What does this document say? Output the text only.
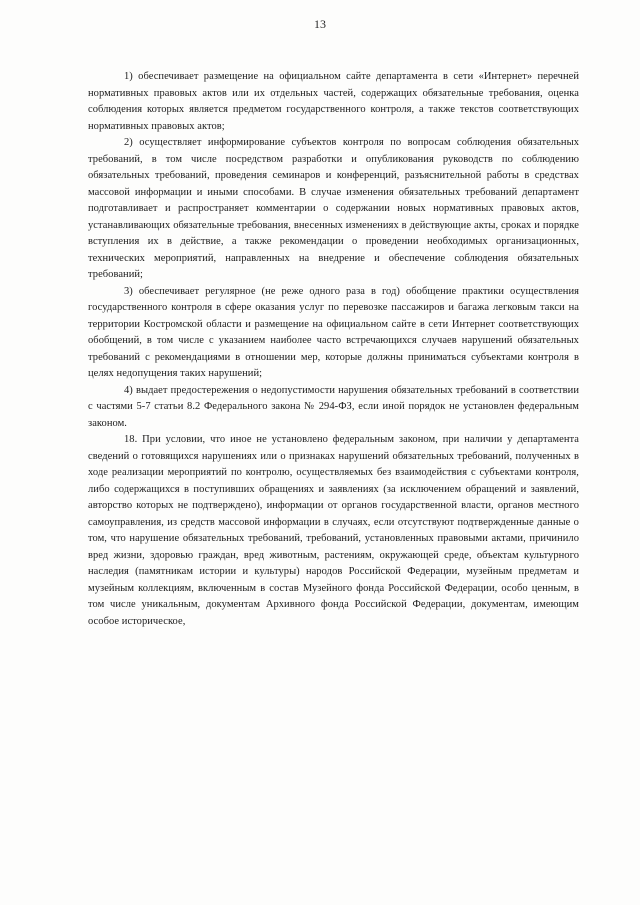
13

1) обеспечивает размещение на официальном сайте департамента в сети «Интернет» перечней нормативных правовых актов или их отдельных частей, содержащих обязательные требования, оценка соблюдения которых является предметом государственного контроля, а также текстов соответствующих нормативных правовых актов;

2) осуществляет информирование субъектов контроля по вопросам соблюдения обязательных требований, в том числе посредством разработки и опубликования руководств по соблюдению обязательных требований, проведения семинаров и конференций, разъяснительной работы в средствах массовой информации и иными способами. В случае изменения обязательных требований департамент подготавливает и распространяет комментарии о содержании новых нормативных правовых актов, устанавливающих обязательные требования, внесенных изменениях в действующие акты, сроках и порядке вступления их в действие, а также рекомендации о проведении необходимых организационных, технических мероприятий, направленных на внедрение и обеспечение соблюдения обязательных требований;

3) обеспечивает регулярное (не реже одного раза в год) обобщение практики осуществления государственного контроля в сфере оказания услуг по перевозке пассажиров и багажа легковым такси на территории Костромской области и размещение на официальном сайте в сети Интернет соответствующих обобщений, в том числе с указанием наиболее часто встречающихся случаев нарушений обязательных требований с рекомендациями в отношении мер, которые должны приниматься субъектами контроля в целях недопущения таких нарушений;

4) выдает предостережения о недопустимости нарушения обязательных требований в соответствии с частями 5-7 статьи 8.2 Федерального закона № 294-ФЗ, если иной порядок не установлен федеральным законом.

18. При условии, что иное не установлено федеральным законом, при наличии у департамента сведений о готовящихся нарушениях или о признаках нарушений обязательных требований, полученных в ходе реализации мероприятий по контролю, осуществляемых без взаимодействия с субъектами контроля, либо содержащихся в поступивших обращениях и заявлениях (за исключением обращений и заявлений, авторство которых не подтверждено), информации от органов государственной власти, органов местного самоуправления, из средств массовой информации в случаях, если отсутствуют подтвержденные данные о том, что нарушение обязательных требований, требований, установленных правовыми актами, причинило вред жизни, здоровью граждан, вред животным, растениям, окружающей среде, объектам культурного наследия (памятникам истории и культуры) народов Российской Федерации, музейным предметам и музейным коллекциям, включенным в состав Музейного фонда Российской Федерации, особо ценным, в том числе уникальным, документам Архивного фонда Российской Федерации, документам, имеющим особое историческое,
